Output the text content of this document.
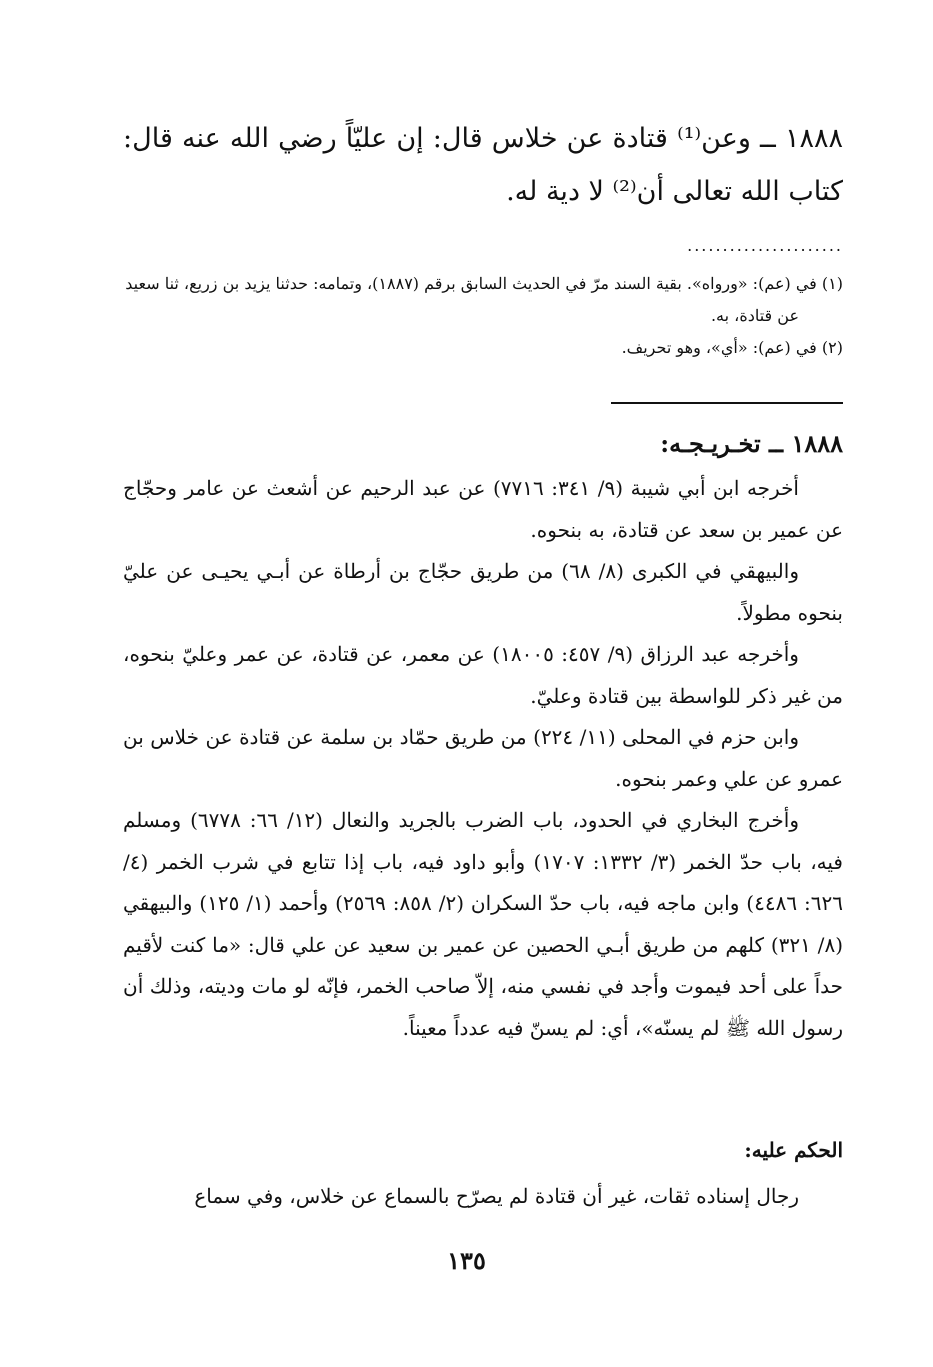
١٨٨٨ ــ وعن⁽¹⁾ قتادة عن خلاس قال: إن عليّاً رضي الله عنه قال: كتاب الله تعالى أن⁽²⁾ لا دية له.
......................

(١) في (عم): «ورواه». بقية السند مرّ في الحديث السابق برقم (١٨٨٧)، وتمامه: حدثنا يزيد بن زريع، ثنا سعيد عن قتادة، به.

(٢) في (عم): «أي»، وهو تحريف.

١٨٨٨ ــ تخـريـجـه:

أخرجه ابن أبي شيبة (٩/ ٣٤١: ٧٧١٦) عن عبد الرحيم عن أشعث عن عامر وحجّاج عن عمير بن سعد عن قتادة، به بنحوه.

والبيهقي في الكبرى (٨/ ٦٨) من طريق حجّاج بن أرطاة عن أبـي يحيـى عن عليّ بنحوه مطولاً.

وأخرجه عبد الرزاق (٩/ ٤٥٧: ١٨٠٠٥) عن معمر، عن قتادة، عن عمر وعليّ بنحوه، من غير ذكر للواسطة بين قتادة وعليّ.

وابن حزم في المحلى (١١/ ٢٢٤) من طريق حمّاد بن سلمة عن قتادة عن خلاس بن عمرو عن علي وعمر بنحوه.

وأخرج البخاري في الحدود، باب الضرب بالجريد والنعال (١٢/ ٦٦: ٦٧٧٨) ومسلم فيه، باب حدّ الخمر (٣/ ١٣٣٢: ١٧٠٧) وأبو داود فيه، باب إذا تتابع في شرب الخمر (٤/ ٦٢٦: ٤٤٨٦) وابن ماجه فيه، باب حدّ السكران (٢/ ٨٥٨: ٢٥٦٩) وأحمد (١/ ١٢٥) والبيهقي (٨/ ٣٢١) كلهم من طريق أبـي الحصين عن عمير بن سعيد عن علي قال: «ما كنت لأقيم حداً على أحد فيموت وأجد في نفسي منه، إلاّ صاحب الخمر، فإنّه لو مات وديته، وذلك أن رسول الله ﷺ لم يسنّه»، أي: لم يسنّ فيه عدداً معيناً.

الحكم عليه:

رجال إسناده ثقات، غير أن قتادة لم يصرّح بالسماع عن خلاس، وفي سماع

١٣٥
